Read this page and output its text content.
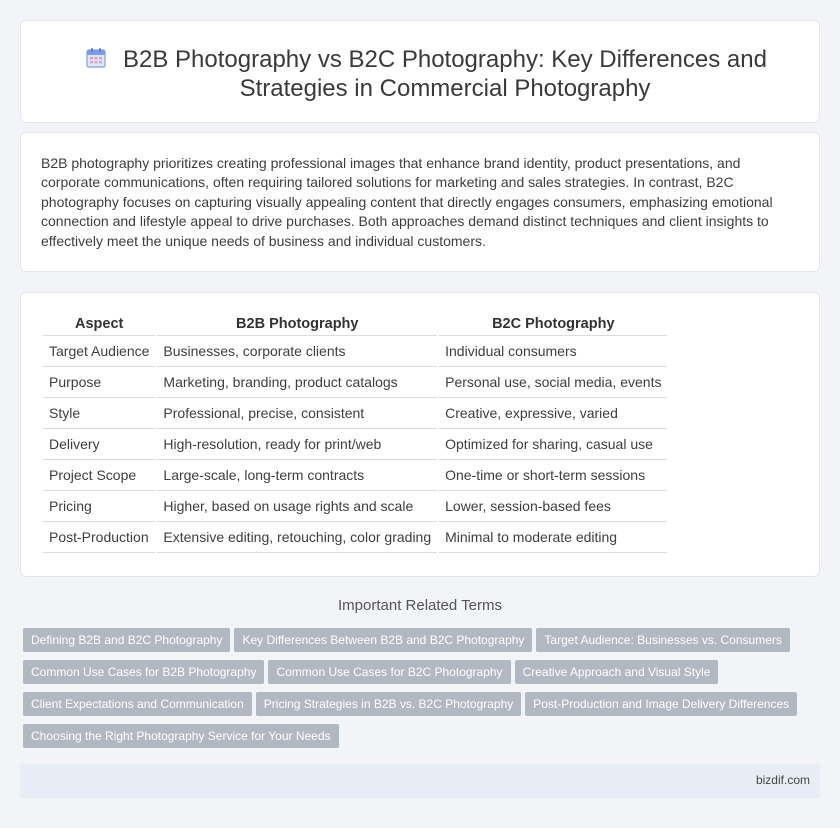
B2B Photography vs B2C Photography: Key Differences and Strategies in Commercial Photography

B2B photography prioritizes creating professional images that enhance brand identity, product presentations, and corporate communications, often requiring tailored solutions for marketing and sales strategies. In contrast, B2C photography focuses on capturing visually appealing content that directly engages consumers, emphasizing emotional connection and lifestyle appeal to drive purchases. Both approaches demand distinct techniques and client insights to effectively meet the unique needs of business and individual customers.

Aspect	B2B Photography	B2C Photography
Target Audience	Businesses, corporate clients	Individual consumers
Purpose	Marketing, branding, product catalogs	Personal use, social media, events
Style	Professional, precise, consistent	Creative, expressive, varied
Delivery	High-resolution, ready for print/web	Optimized for sharing, casual use
Project Scope	Large-scale, long-term contracts	One-time or short-term sessions
Pricing	Higher, based on usage rights and scale	Lower, session-based fees
Post-Production	Extensive editing, retouching, color grading	Minimal to moderate editing
Important Related Terms
Defining B2B and B2C Photography Key Differences Between B2B and B2C Photography Target Audience: Businesses vs. Consumers
Common Use Cases for B2B Photography Common Use Cases for B2C Photography Creative Approach and Visual Style
Client Expectations and Communication Pricing Strategies in B2B vs. B2C Photography Post-Production and Image Delivery Differences
Choosing the Right Photography Service for Your Needs
bizdif.com
